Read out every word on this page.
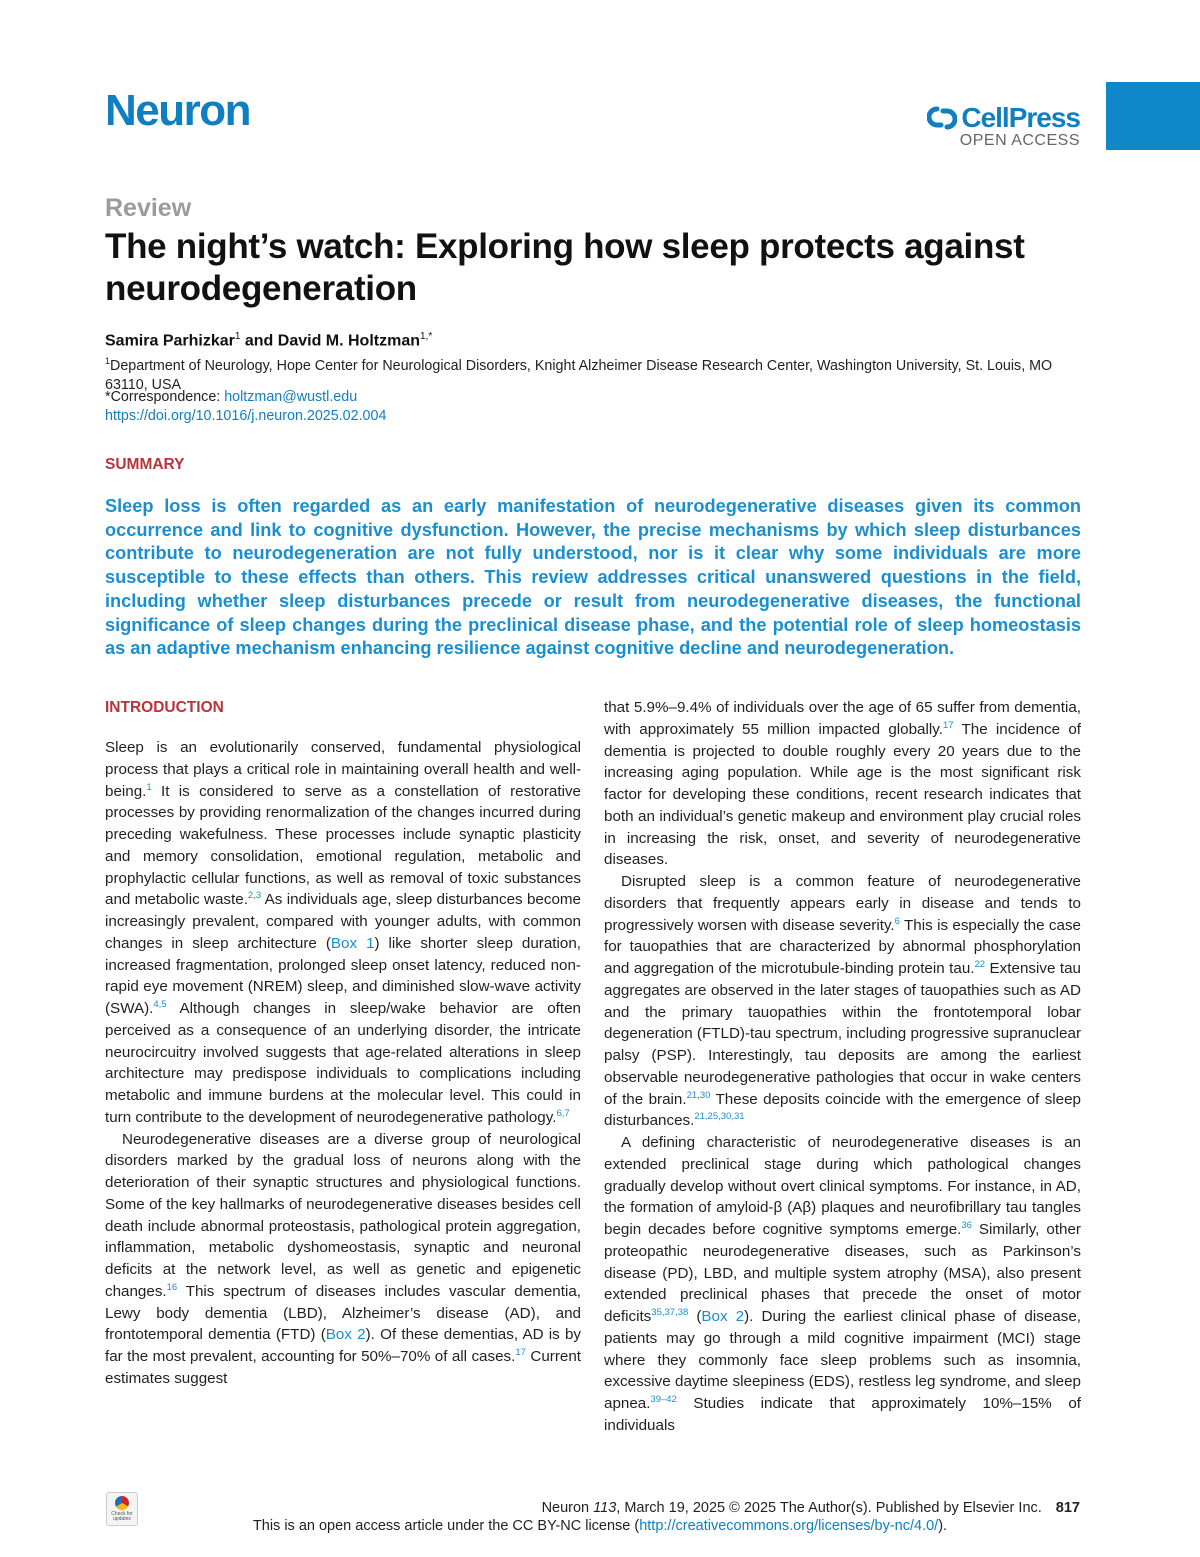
Neuron	CellPress
OPEN ACCESS
Review
The night’s watch: Exploring how sleep protects against neurodegeneration
Samira Parhizkar$^1$ and David M. Holtzman$^{1,*}$
$^1$Department of Neurology, Hope Center for Neurological Disorders, Knight Alzheimer Disease Research Center, Washington University, St. Louis, MO 63110, USA
*Correspondence: holtzman@wustl.edu
https://doi.org/10.1016/j.neuron.2025.02.004
SUMMARY
Sleep loss is often regarded as an early manifestation of neurodegenerative diseases given its common occurrence and link to cognitive dysfunction. However, the precise mechanisms by which sleep disturbances contribute to neurodegeneration are not fully understood, nor is it clear why some individuals are more susceptible to these effects than others. This review addresses critical unanswered questions in the field, including whether sleep disturbances precede or result from neurodegenerative diseases, the functional significance of sleep changes during the preclinical disease phase, and the potential role of sleep homeostasis as an adaptive mechanism enhancing resilience against cognitive decline and neurodegeneration.
INTRODUCTION

Sleep is an evolutionarily conserved, fundamental physiological process that plays a critical role in maintaining overall health and well-being.$^1$ It is considered to serve as a constellation of restorative processes by providing renormalization of the changes incurred during preceding wakefulness. These processes include synaptic plasticity and memory consolidation, emotional regulation, metabolic and prophylactic cellular functions, as well as removal of toxic substances and metabolic waste.$^{2,3}$ As individuals age, sleep disturbances become increasingly prevalent, compared with younger adults, with common changes in sleep architecture (Box 1) like shorter sleep duration, increased fragmentation, prolonged sleep onset latency, reduced non-rapid eye movement (NREM) sleep, and diminished slow-wave activity (SWA).$^{4,5}$ Although changes in sleep/wake behavior are often perceived as a consequence of an underlying disorder, the intricate neurocircuitry involved suggests that age-related alterations in sleep architecture may predispose individuals to complications including metabolic and immune burdens at the molecular level. This could in turn contribute to the development of neurodegenerative pathology.$^{6,7}$

Neurodegenerative diseases are a diverse group of neurological disorders marked by the gradual loss of neurons along with the deterioration of their synaptic structures and physiological functions. Some of the key hallmarks of neurodegenerative diseases besides cell death include abnormal proteostasis, pathological protein aggregation, inflammation, metabolic dyshomeostasis, synaptic and neuronal deficits at the network level, as well as genetic and epigenetic changes.$^{16}$ This spectrum of diseases includes vascular dementia, Lewy body dementia (LBD), Alzheimer’s disease (AD), and frontotemporal dementia (FTD) (Box 2). Of these dementias, AD is by far the most prevalent, accounting for 50%–70% of all cases.$^{17}$ Current estimates suggest

that 5.9%–9.4% of individuals over the age of 65 suffer from dementia, with approximately 55 million impacted globally.$^{17}$ The incidence of dementia is projected to double roughly every 20 years due to the increasing aging population. While age is the most significant risk factor for developing these conditions, recent research indicates that both an individual’s genetic makeup and environment play crucial roles in increasing the risk, onset, and severity of neurodegenerative diseases.

Disrupted sleep is a common feature of neurodegenerative disorders that frequently appears early in disease and tends to progressively worsen with disease severity.$^6$ This is especially the case for tauopathies that are characterized by abnormal phosphorylation and aggregation of the microtubule-binding protein tau.$^{22}$ Extensive tau aggregates are observed in the later stages of tauopathies such as AD and the primary tauopathies within the frontotemporal lobar degeneration (FTLD)-tau spectrum, including progressive supranuclear palsy (PSP). Interestingly, tau deposits are among the earliest observable neurodegenerative pathologies that occur in wake centers of the brain.$^{21,30}$ These deposits coincide with the emergence of sleep disturbances.$^{21,25,30,31}$

A defining characteristic of neurodegenerative diseases is an extended preclinical stage during which pathological changes gradually develop without overt clinical symptoms. For instance, in AD, the formation of amyloid-β (Aβ) plaques and neurofibrillary tau tangles begin decades before cognitive symptoms emerge.$^{36}$ Similarly, other proteopathic neurodegenerative diseases, such as Parkinson’s disease (PD), LBD, and multiple system atrophy (MSA), also present extended preclinical phases that precede the onset of motor deficits$^{35,37,38}$ (Box 2). During the earliest clinical phase of disease, patients may go through a mild cognitive impairment (MCI) stage where they commonly face sleep problems such as insomnia, excessive daytime sleepiness (EDS), restless leg syndrome, and sleep apnea.$^{39-42}$ Studies indicate that approximately 10%–15% of individuals

Check for updates
Neuron 113, March 19, 2025 © 2025 The Author(s). Published by Elsevier Inc. 817
This is an open access article under the CC BY-NC license (http://creativecommons.org/licenses/by-nc/4.0/).
